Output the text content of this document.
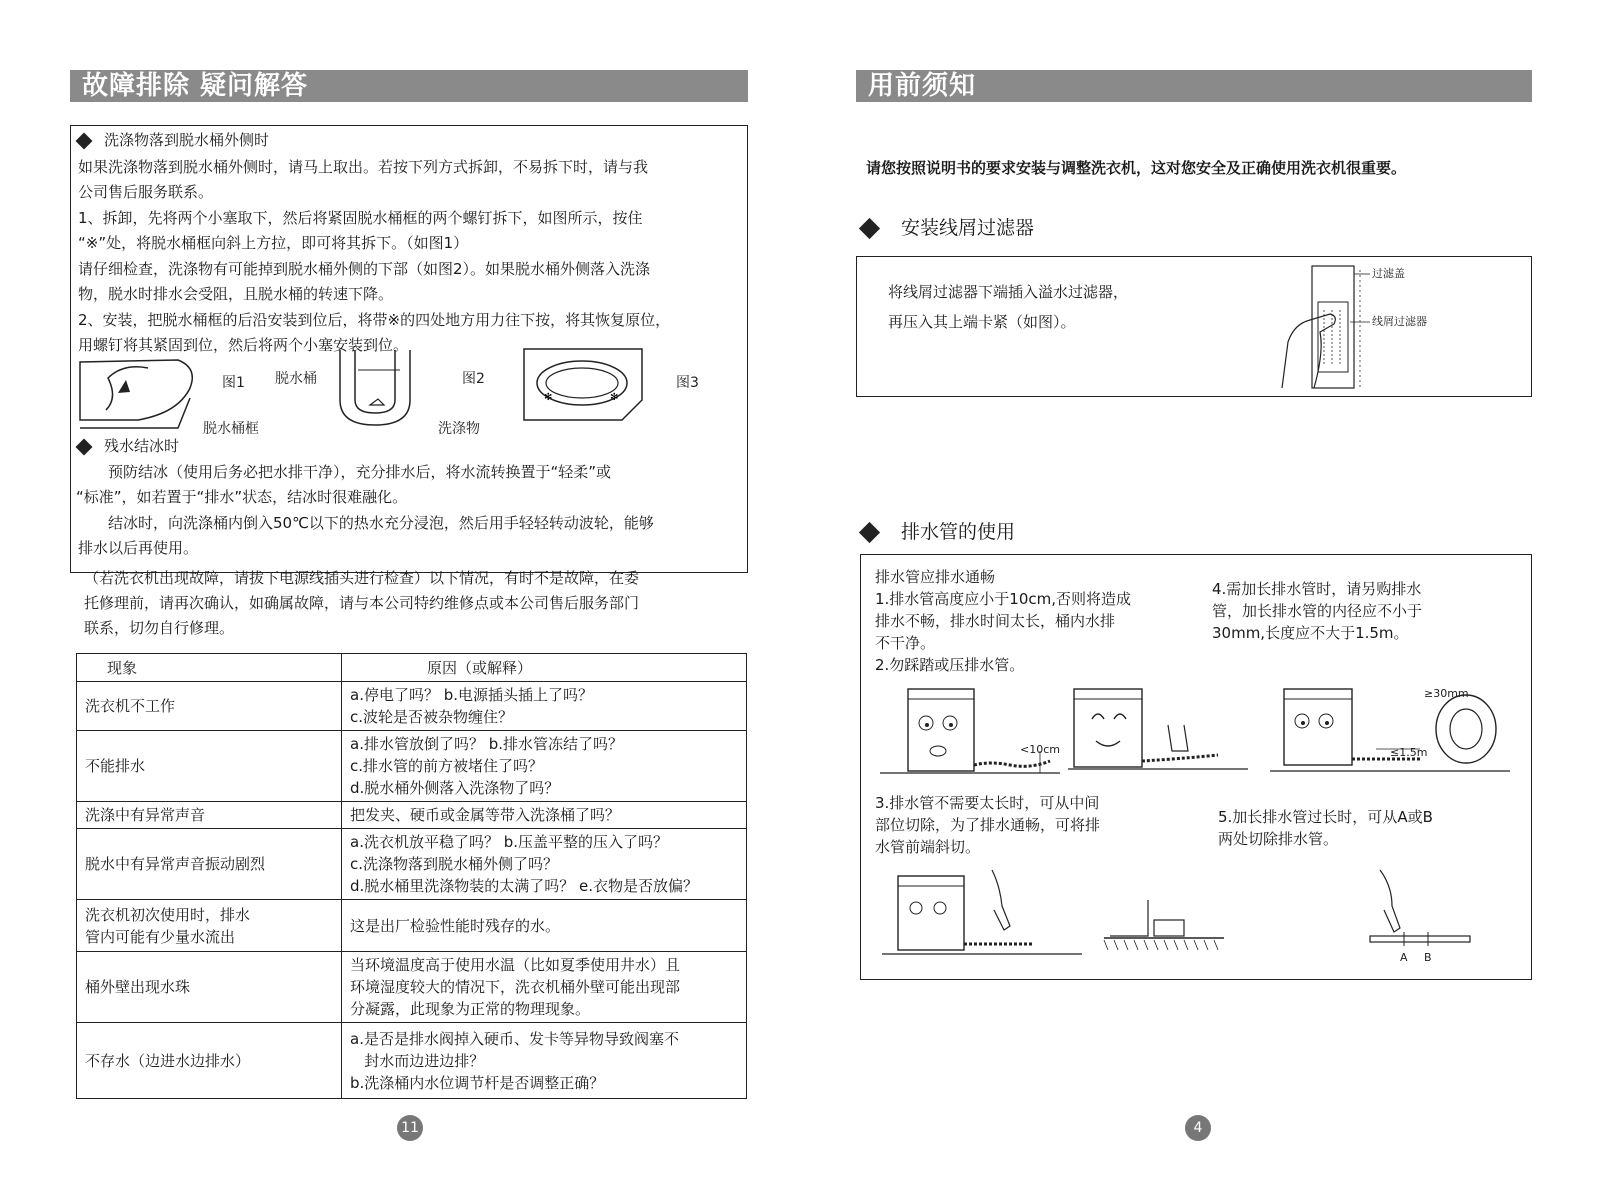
故障排除 疑问解答
洗涤物落到脱水桶外侧时
如果洗涤物落到脱水桶外侧时，请马上取出。若按下列方式拆卸，不易拆下时，请与我
公司售后服务联系。
1、拆卸，先将两个小塞取下，然后将紧固脱水桶框的两个螺钉拆下，如图所示，按住
“※”处，将脱水桶框向斜上方拉，即可将其拆下。（如图1）
请仔细检查，洗涤物有可能掉到脱水桶外侧的下部（如图2）。如果脱水桶外侧落入洗涤
物，脱水时排水会受阻，且脱水桶的转速下降。
2、安装，把脱水桶框的后沿安装到位后，将带※的四处地方用力往下按，将其恢复原位，
用螺钉将其紧固到位，然后将两个小塞安装到位。
图1 脱水桶	图2
✻	✻
图3
脱水桶框	洗涤物
残水结冰时
预防结冰（使用后务必把水排干净），充分排水后，将水流转换置于“轻柔”或
“标准”，如若置于“排水”状态，结冰时很难融化。
结冰时，向洗涤桶内倒入50℃以下的热水充分浸泡，然后用手轻轻转动波轮，能够
排水以后再使用。
（若洗衣机出现故障，请拔下电源线插头进行检查）以下情况，有时不是故障，在委
托修理前，请再次确认，如确属故障，请与本公司特约维修点或本公司售后服务部门
联系，切勿自行修理。
现象	原因（或解释）
洗衣机不工作	a.停电了吗？ b.电源插头插上了吗？
c.波轮是否被杂物缠住？

不能排水	a.排水管放倒了吗？ b.排水管冻结了吗？
c.排水管的前方被堵住了吗？
d.脱水桶外侧落入洗涤物了吗？

洗涤中有异常声音	把发夹、硬币或金属等带入洗涤桶了吗？

脱水中有异常声音振动剧烈	a.洗衣机放平稳了吗？ b.压盖平整的压入了吗？
c.洗涤物落到脱水桶外侧了吗？
d.脱水桶里洗涤物装的太满了吗？ e.衣物是否放偏？

洗衣机初次使用时，排水
管内可能有少量水流出	这是出厂检验性能时残存的水。

桶外壁出现水珠	当环境温度高于使用水温（比如夏季使用井水）且
环境湿度较大的情况下，洗衣机桶外壁可能出现部
分凝露，此现象为正常的物理现象。

不存水（边进水边排水）	a.是否是排水阀掉入硬币、发卡等异物导致阀塞不
封水而边进边排？
b.洗涤桶内水位调节杆是否调整正确？
11
用前须知
请您按照说明书的要求安装与调整洗衣机，这对您安全及正确使用洗衣机很重要。
安装线屑过滤器
将线屑过滤器下端插入溢水过滤器，
再压入其上端卡紧（如图）。
过滤盖
线屑过滤器
排水管的使用
排水管应排水通畅
1.排水管高度应小于10cm,否则将造成
排水不畅，排水时间太长，桶内水排
不干净。
2.勿踩踏或压排水管。
4.需加长排水管时，请另购排水
管，加长排水管的内径应不小于
30mm,长度应不大于1.5m。
<10cm
≥30mm
≤1.5m
3.排水管不需要太长时，可从中间
部位切除，为了排水通畅，可将排
水管前端斜切。
5.加长排水管过长时，可从A或B
两处切除排水管。
A B
4
